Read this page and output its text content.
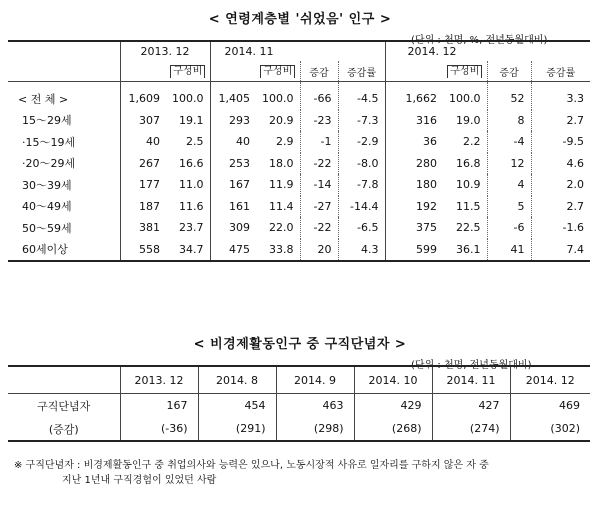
< 연령계층별 '쉬었음' 인구 >
(단위 : 천명, %, 전년동월대비)
	2013. 12		2014. 11				2014. 12			
		구성비		구성비	증감	증감률		구성비	증감	증감률
< 전 체 >	1,609	100.0	1,405	100.0	-66	-4.5	1,662	100.0	52	3.3
15～29세	307	19.1	293	20.9	-23	-7.3	316	19.0	8	2.7
·15～19세	40	2.5	40	2.9	-1	-2.9	36	2.2	-4	-9.5
·20～29세	267	16.6	253	18.0	-22	-8.0	280	16.8	12	4.6
30～39세	177	11.0	167	11.9	-14	-7.8	180	10.9	4	2.0
40～49세	187	11.6	161	11.4	-27	-14.4	192	11.5	5	2.7
50～59세	381	23.7	309	22.0	-22	-6.5	375	22.5	-6	-1.6
60세이상	558	34.7	475	33.8	20	4.3	599	36.1	41	7.4
< 비경제활동인구 중 구직단념자 >
(단위 : 천명, 전년동월대비)
	2013. 12	2014. 8	2014. 9	2014. 10	2014. 11	2014. 12
구직단념자	167	454	463	429	427	469
(증감)	(-36)	(291)	(298)	(268)	(274)	(302)
※ 구직단념자 : 비경제활동인구 중 취업의사와 능력은 있으나, 노동시장적 사유로 일자리를 구하지 않은 자 중
지난 1년내 구직경험이 있었던 사람
